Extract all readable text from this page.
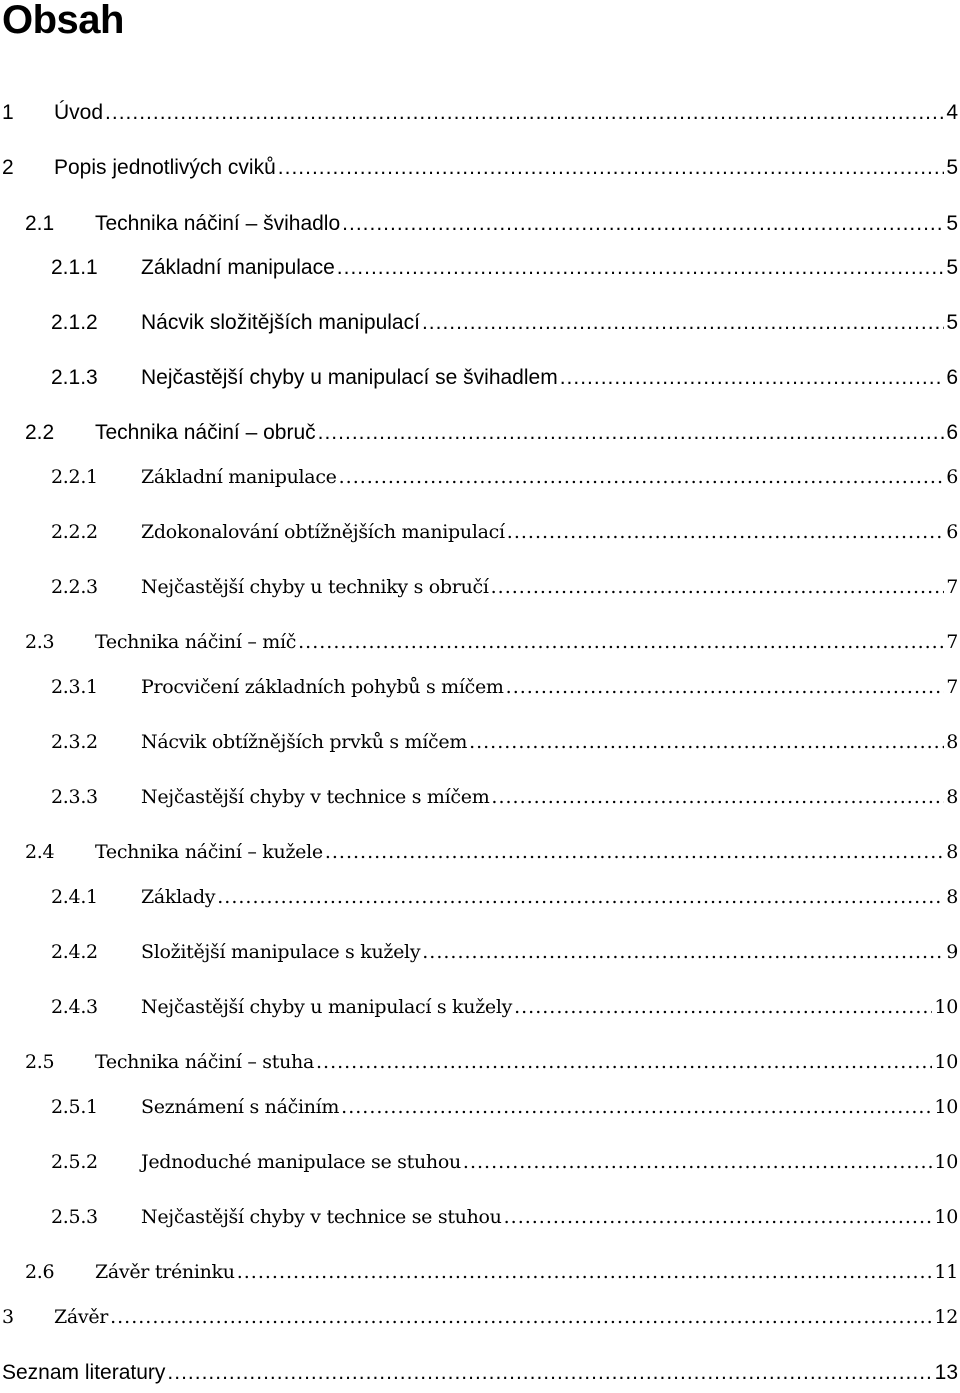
Obsah
1	Úvod .....	4
2	Popis jednotlivých cviků .....	5
2.1	Technika náčiní – švihadlo .....	5
2.1.1	Základní manipulace .....	5
2.1.2	Nácvik složitějších manipulací .....	5
2.1.3	Nejčastější chyby u manipulací se švihadlem .....	6
2.2	Technika náčiní – obruč .....	6
2.2.1	Základní manipulace .....	6
2.2.2	Zdokonalování obtížnějších manipulací .....	6
2.2.3	Nejčastější chyby u techniky s obručí .....	7
2.3	Technika náčiní – míč .....	7
2.3.1	Procvičení základních pohybů s míčem .....	7
2.3.2	Nácvik obtížnějších prvků s míčem .....	8
2.3.3	Nejčastější chyby v technice s míčem .....	8
2.4	Technika náčiní – kužele .....	8
2.4.1	Základy .....	8
2.4.2	Složitější manipulace s kužely .....	9
2.4.3	Nejčastější chyby u manipulací s kužely .....	10
2.5	Technika náčiní – stuha .....	10
2.5.1	Seznámení s náčiním .....	10
2.5.2	Jednoduché manipulace se stuhou .....	10
2.5.3	Nejčastější chyby v technice se stuhou .....	10
2.6	Závěr tréninku .....	11
3	Závěr .....	12
Seznam literatury .....	13
